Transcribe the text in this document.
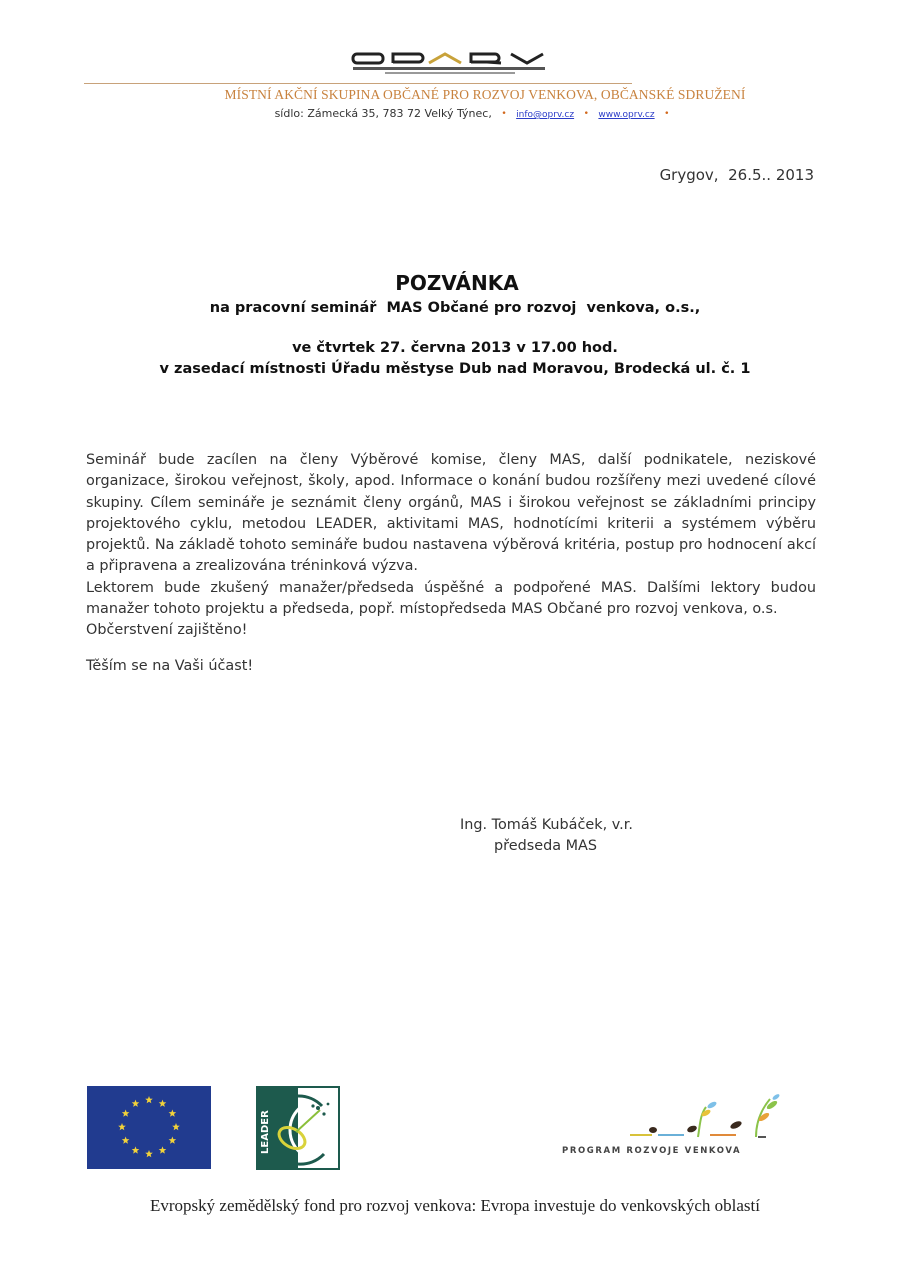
MÍSTNÍ AKČNÍ SKUPINA OBČANÉ PRO ROZVOJ VENKOVA, OBČANSKÉ SDRUŽENÍ
sídlo: Zámecká 35, 783 72 Velký Týnec, • info@oprv.cz • www.oprv.cz •
Grygov,  26.5.. 2013
POZVÁNKA
na pracovní seminář  MAS Občané pro rozvoj  venkova, o.s.,
ve čtvrtek 27. června 2013 v 17.00 hod.
v zasedací místnosti Úřadu městyse Dub nad Moravou, Brodecká ul. č. 1

Seminář bude zacílen na členy Výběrové komise, členy MAS, další podnikatele, neziskové organizace, širokou veřejnost, školy, apod. Informace o konání budou rozšířeny mezi uvedené cílové skupiny. Cílem semináře je seznámit členy orgánů, MAS i širokou veřejnost se základními principy projektového cyklu, metodou LEADER, aktivitami MAS, hodnotícími kriterii a systémem výběru projektů. Na základě tohoto semináře budou nastavena výběrová kritéria, postup pro hodnocení akcí a připravena a zrealizována tréninková výzva.

Lektorem bude zkušený manažer/předseda úspěšné a podpořené MAS. Dalšími lektory budou manažer tohoto projektu a předseda, popř. místopředseda MAS Občané pro rozvoj venkova, o.s.

Občerstvení zajištěno!

Těším se na Vaši účast!

Ing. Tomáš Kubáček, v.r.
předseda MAS
LEADER	PROGRAM ROZVOJE VENKOVA
Evropský zemědělský fond pro rozvoj venkova: Evropa investuje do venkovských oblastí
